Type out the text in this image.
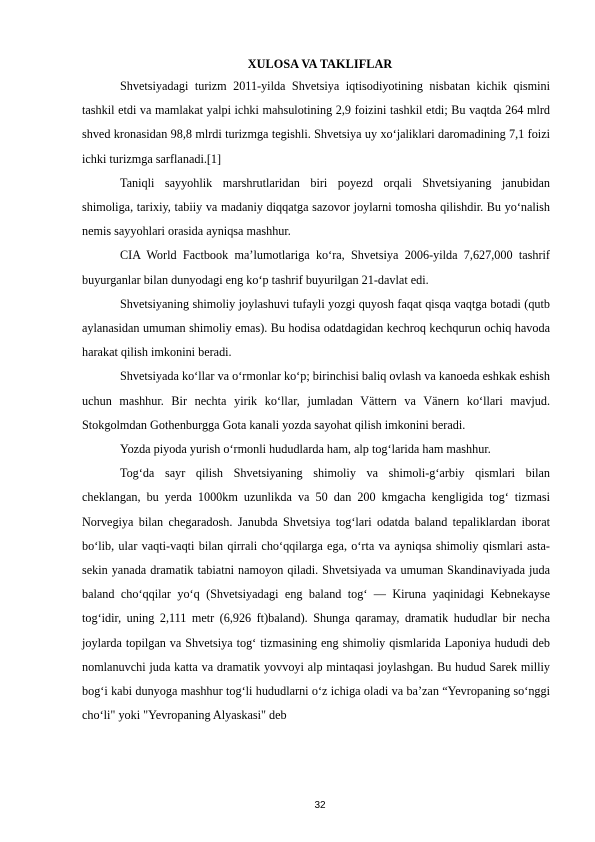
XULOSA VA TAKLIFLAR

Shvetsiyadagi turizm 2011-yilda Shvetsiya iqtisodiyotining nisbatan kichik qismini tashkil etdi va mamlakat yalpi ichki mahsulotining 2,9 foizini tashkil etdi; Bu vaqtda 264 mlrd shved kronasidan 98,8 mlrdi turizmga tegishli. Shvetsiya uy xoʻjaliklari daromadining 7,1 foizi ichki turizmga sarflanadi.[1]

Taniqli sayyohlik marshrutlaridan biri poyezd orqali Shvetsiyaning janubidan shimoliga, tarixiy, tabiiy va madaniy diqqatga sazovor joylarni tomosha qilishdir. Bu yoʻnalish nemis sayyohlari orasida ayniqsa mashhur.

CIA World Factbook maʼlumotlariga koʻra, Shvetsiya 2006-yilda 7,627,000 tashrif buyurganlar bilan dunyodagi eng koʻp tashrif buyurilgan 21-davlat edi.

Shvetsiyaning shimoliy joylashuvi tufayli yozgi quyosh faqat qisqa vaqtga botadi (qutb aylanasidan umuman shimoliy emas). Bu hodisa odatdagidan kechroq kechqurun ochiq havoda harakat qilish imkonini beradi.

Shvetsiyada koʻllar va oʻrmonlar koʻp; birinchisi baliq ovlash va kanoeda eshkak eshish uchun mashhur. Bir nechta yirik koʻllar, jumladan Vättern va Vänern koʻllari mavjud. Stokgolmdan Gothenburgga Gota kanali yozda sayohat qilish imkonini beradi.

Yozda piyoda yurish oʻrmonli hududlarda ham, alp togʻlarida ham mashhur.

Togʻda sayr qilish Shvetsiyaning shimoliy va shimoli-gʻarbiy qismlari bilan cheklangan, bu yerda 1000km uzunlikda va 50 dan 200 kmgacha kengligida togʻ tizmasi Norvegiya bilan chegaradosh. Janubda Shvetsiya togʻlari odatda baland tepaliklardan iborat boʻlib, ular vaqti-vaqti bilan qirrali choʻqqilarga ega, oʻrta va ayniqsa shimoliy qismlari asta-sekin yanada dramatik tabiatni namoyon qiladi. Shvetsiyada va umuman Skandinaviyada juda baland choʻqqilar yoʻq (Shvetsiyadagi eng baland togʻ — Kiruna yaqinidagi Kebnekayse togʻidir, uning 2,111 metr (6,926 ft)baland). Shunga qaramay, dramatik hududlar bir necha joylarda topilgan va Shvetsiya togʻ tizmasining eng shimoliy qismlarida Laponiya hududi deb nomlanuvchi juda katta va dramatik yovvoyi alp mintaqasi joylashgan. Bu hudud Sarek milliy bogʻi kabi dunyoga mashhur togʻli hududlarni oʻz ichiga oladi va baʼzan “Yevropaning soʻnggi choʻli" yoki "Yevropaning Alyaskasi" deb

32
